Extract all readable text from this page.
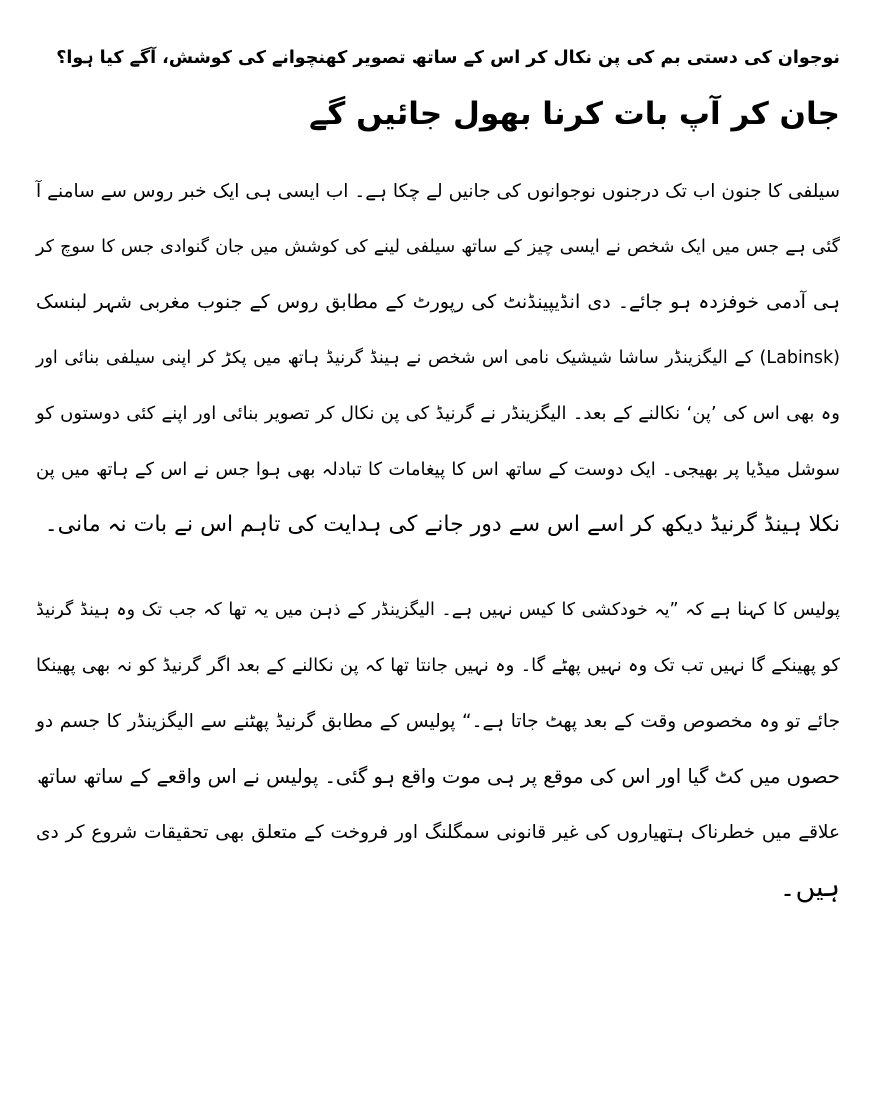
نوجوان کی دستی بم کی پن نکال کر اس کے ساتھ تصویر کھنچوانے کی کوشش، آگے کیا ہوا؟
جان کر آپ بات کرنا بھول جائیں گے
سیلفی کا جنون اب تک درجنوں نوجوانوں کی جانیں لے چکا ہے۔ اب ایسی ہی ایک خبر روس سے سامنے آ
گئی ہے جس میں ایک شخص نے ایسی چیز کے ساتھ سیلفی لینے کی کوشش میں جان گنوادی جس کا سوچ کر
ہی آدمی خوفزدہ ہو جائے۔ دی انڈیپینڈنٹ کی رپورٹ کے مطابق روس کے جنوب مغربی شہر لبنسک
(Labinsk) کے الیگزینڈر ساشا شیشیک نامی اس شخص نے ہینڈ گرنیڈ ہاتھ میں پکڑ کر اپنی سیلفی بنائی اور
وہ بھی اس کی ’پن‘ نکالنے کے بعد۔ الیگزینڈر نے گرنیڈ کی پن نکال کر تصویر بنائی اور اپنے کئی دوستوں کو
سوشل میڈیا پر بھیجی۔ ایک دوست کے ساتھ اس کا پیغامات کا تبادلہ بھی ہوا جس نے اس کے ہاتھ میں پن
نکلا ہینڈ گرنیڈ دیکھ کر اسے اس سے دور جانے کی ہدایت کی تاہم اس نے بات نہ مانی۔
پولیس کا کہنا ہے کہ ”یہ خودکشی کا کیس نہیں ہے۔ الیگزینڈر کے ذہن میں یہ تھا کہ جب تک وہ ہینڈ گرنیڈ
کو پھینکے گا نہیں تب تک وہ نہیں پھٹے گا۔ وہ نہیں جانتا تھا کہ پن نکالنے کے بعد اگر گرنیڈ کو نہ بھی پھینکا
جائے تو وہ مخصوص وقت کے بعد پھٹ جاتا ہے۔“ پولیس کے مطابق گرنیڈ پھٹنے سے الیگزینڈر کا جسم دو
حصوں میں کٹ گیا اور اس کی موقع پر ہی موت واقع ہو گئی۔ پولیس نے اس واقعے کے ساتھ ساتھ
علاقے میں خطرناک ہتھیاروں کی غیر قانونی سمگلنگ اور فروخت کے متعلق بھی تحقیقات شروع کر دی
ہیں۔
